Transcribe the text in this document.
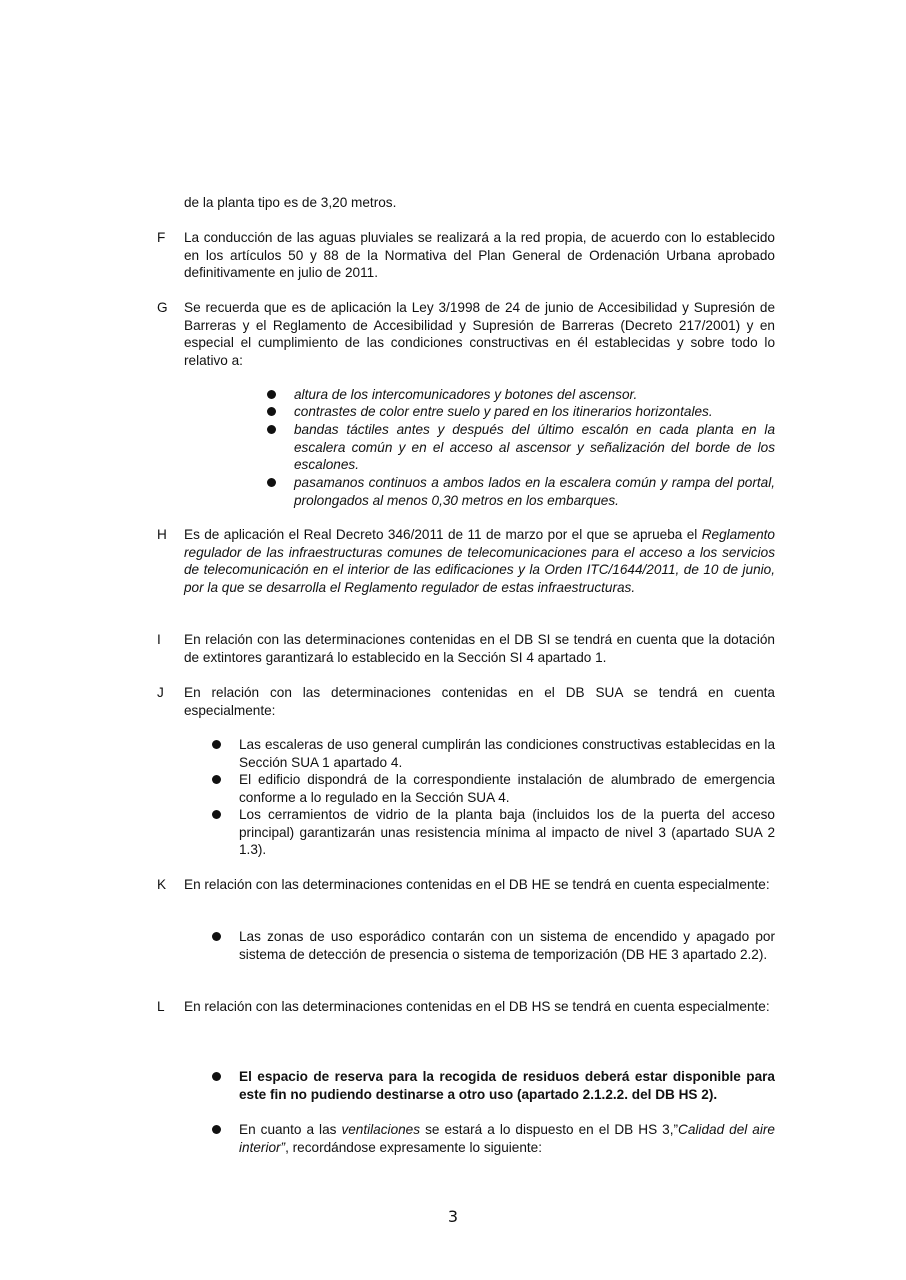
de la planta tipo es de 3,20 metros.

F La conducción de las aguas pluviales se realizará a la red propia, de acuerdo con lo establecido en los artículos 50 y 88 de la Normativa del Plan General de Ordenación Urbana aprobado definitivamente en julio de 2011.

G Se recuerda que es de aplicación la Ley 3/1998 de 24 de junio de Accesibilidad y Supresión de Barreras y el Reglamento de Accesibilidad y Supresión de Barreras (Decreto 217/2001) y en especial el cumplimiento de las condiciones constructivas en él establecidas y sobre todo lo relativo a:

altura de los intercomunicadores y botones del ascensor.

contrastes de color entre suelo y pared en los itinerarios horizontales.

bandas táctiles antes y después del último escalón en cada planta en la escalera común y en el acceso al ascensor y señalización del borde de los escalones.

pasamanos continuos a ambos lados en la escalera común y rampa del portal, prolongados al menos 0,30 metros en los embarques.

H Es de aplicación el Real Decreto 346/2011 de 11 de marzo por el que se aprueba el Reglamento regulador de las infraestructuras comunes de telecomunicaciones para el acceso a los servicios de telecomunicación en el interior de las edificaciones y la Orden ITC/1644/2011, de 10 de junio, por la que se desarrolla el Reglamento regulador de estas infraestructuras.

I En relación con las determinaciones contenidas en el DB SI se tendrá en cuenta que la dotación de extintores garantizará lo establecido en la Sección SI 4 apartado 1.

J En relación con las determinaciones contenidas en el DB SUA se tendrá en cuenta especialmente:

Las escaleras de uso general cumplirán las condiciones constructivas establecidas en la Sección SUA 1 apartado 4.

El edificio dispondrá de la correspondiente instalación de alumbrado de emergencia conforme a lo regulado en la Sección SUA 4.

Los cerramientos de vidrio de la planta baja (incluidos los de la puerta del acceso principal) garantizarán unas resistencia mínima al impacto de nivel 3 (apartado SUA 2 1.3).

K En relación con las determinaciones contenidas en el DB HE se tendrá en cuenta especialmente:

Las zonas de uso esporádico contarán con un sistema de encendido y apagado por sistema de detección de presencia o sistema de temporización (DB HE 3 apartado 2.2).

L En relación con las determinaciones contenidas en el DB HS se tendrá en cuenta especialmente:

El espacio de reserva para la recogida de residuos deberá estar disponible para este fin no pudiendo destinarse a otro uso (apartado 2.1.2.2. del DB HS 2).

En cuanto a las ventilaciones se estará a lo dispuesto en el DB HS 3,”Calidad del aire interior”, recordándose expresamente lo siguiente:

3
